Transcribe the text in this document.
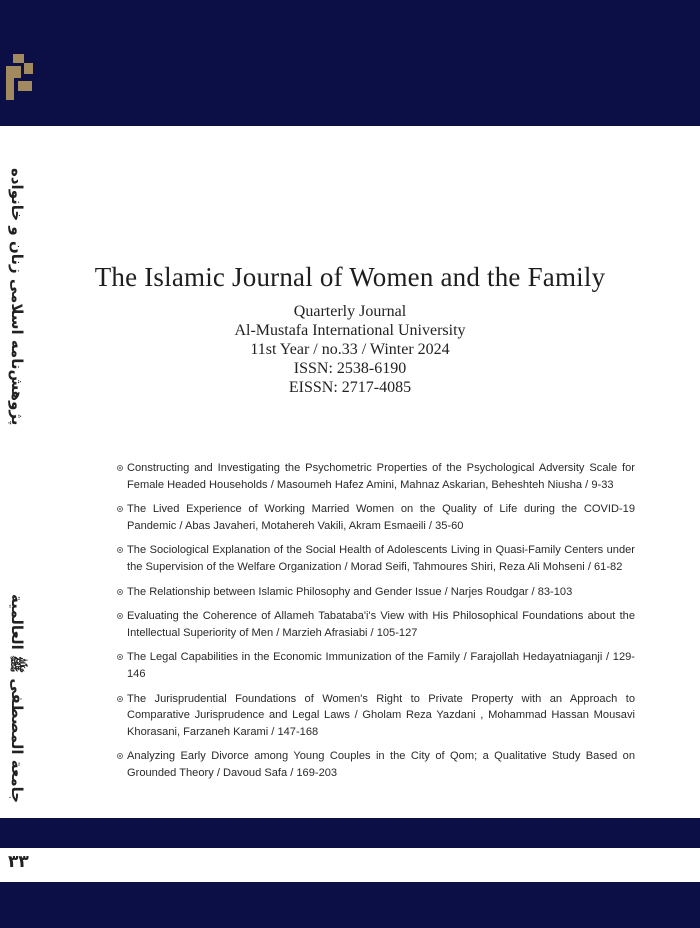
پژوهش‌نامه اسلامی زنان و خانواده
جامعة المصطفى ﷺ العالمیة
۳۳
The Islamic Journal of Women and the Family
Quarterly Journal
Al-Mustafa International University
11st Year / no.33 / Winter 2024
ISSN: 2538-6190
EISSN: 2717-4085
Constructing and Investigating the Psychometric Properties of the Psychological Adversity Scale for Female Headed Households / Masoumeh Hafez Amini, Mahnaz Askarian, Beheshteh Niusha / 9-33
The Lived Experience of Working Married Women on the Quality of Life during the COVID-19 Pandemic / Abas Javaheri, Motahereh Vakili, Akram Esmaeili / 35-60
The Sociological Explanation of the Social Health of Adolescents Living in Quasi-Family Centers under the Supervision of the Welfare Organization / Morad Seifi, Tahmoures Shiri, Reza Ali Mohseni / 61-82
The Relationship between Islamic Philosophy and Gender Issue / Narjes Roudgar / 83-103
Evaluating the Coherence of Allameh Tabataba'i's View with His Philosophical Foundations about the Intellectual Superiority of Men / Marzieh Afrasiabi / 105-127
The Legal Capabilities in the Economic Immunization of the Family / Farajollah Hedayatniaganji / 129-146
The Jurisprudential Foundations of Women's Right to Private Property with an Approach to Comparative Jurisprudence and Legal Laws / Gholam Reza Yazdani , Mohammad Hassan Mousavi Khorasani, Farzaneh Karami / 147-168
Analyzing Early Divorce among Young Couples in the City of Qom; a Qualitative Study Based on Grounded Theory / Davoud Safa / 169-203
